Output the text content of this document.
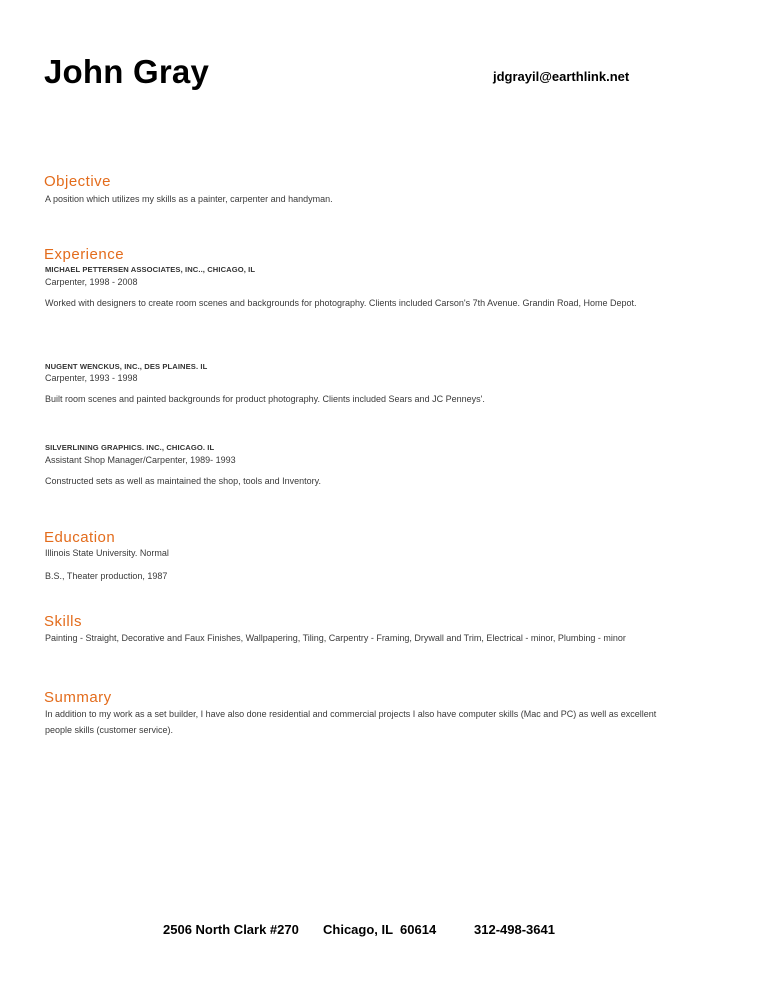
John Gray	jdgrayil@earthlink.net
Objective

A position which utilizes my skills as a painter, carpenter and handyman.

Experience
MICHAEL PETTERSEN ASSOCIATES, INC.., CHICAGO, IL
Carpenter, 1998 - 2008

Worked with designers to create room scenes and backgrounds for photography. Clients included Carson's 7th Avenue. Grandin Road, Home Depot.

NUGENT WENCKUS, INC., DES PLAINES. IL
Carpenter, 1993 - 1998

Built room scenes and painted backgrounds for product photography. Clients included Sears and JC Penneys'.

SILVERLINING GRAPHICS. INC., CHICAGO. IL
Assistant Shop Manager/Carpenter, 1989- 1993

Constructed sets as well as maintained the shop, tools and Inventory.

Education
Illinois State University. Normal
B.S., Theater production, 1987
Skills

Painting - Straight, Decorative and Faux Finishes, Wallpapering, Tiling, Carpentry - Framing, Drywall and Trim, Electrical - minor, Plumbing - minor

Summary

In addition to my work as a set builder, I have also done residential and commercial projects I also have computer skills (Mac and PC) as well as excellent people skills (customer service).

2506 North Clark #270 Chicago, IL  60614	312-498-3641
